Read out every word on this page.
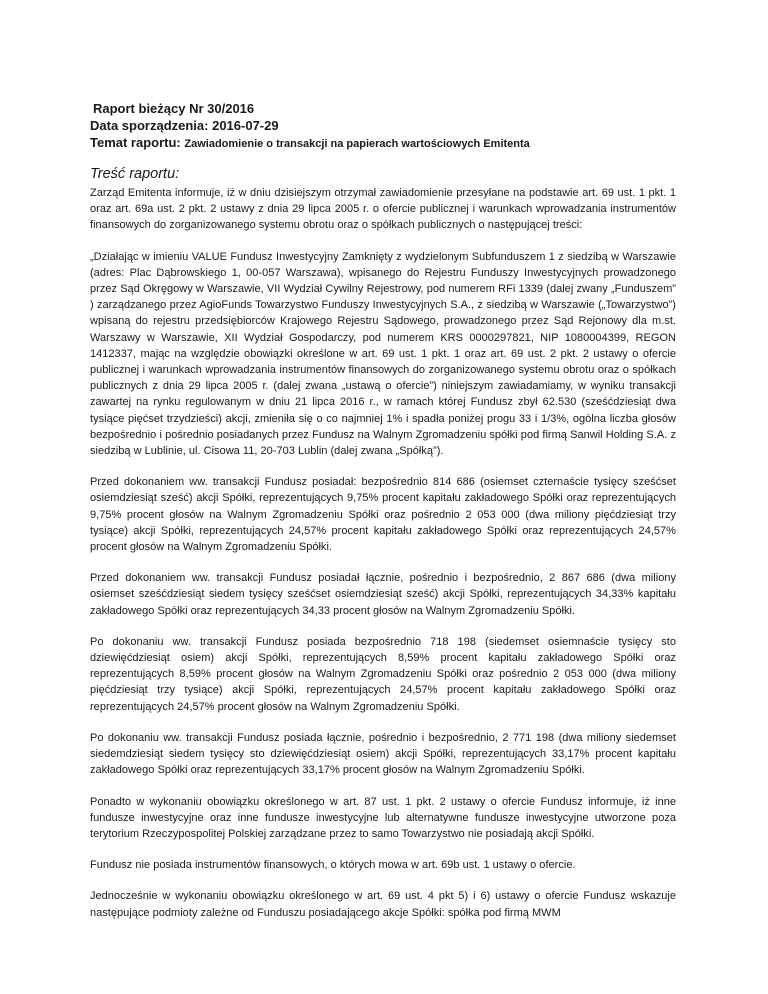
Raport bieżący Nr 30/2016

Data sporządzenia: 2016-07-29

Temat raportu: Zawiadomienie o transakcji na papierach wartościowych Emitenta

Treść raportu:

Zarząd Emitenta informuje, iż w dniu dzisiejszym otrzymał zawiadomienie przesyłane na podstawie art. 69 ust. 1 pkt. 1 oraz art. 69a ust. 2 pkt. 2 ustawy z dnia 29 lipca 2005 r. o ofercie publicznej i warunkach wprowadzania instrumentów finansowych do zorganizowanego systemu obrotu oraz o spółkach publicznych o następującej treści:

„Działając w imieniu VALUE Fundusz Inwestycyjny Zamknięty z wydzielonym Subfunduszem 1 z siedzibą w Warszawie (adres: Plac Dąbrowskiego 1, 00-057 Warszawa), wpisanego do Rejestru Funduszy Inwestycyjnych prowadzonego przez Sąd Okręgowy w Warszawie, VII Wydział Cywilny Rejestrowy, pod numerem RFi 1339 (dalej zwany „Funduszem” ) zarządzanego przez AgioFunds Towarzystwo Funduszy Inwestycyjnych S.A., z siedzibą w Warszawie („Towarzystwo”) wpisaną do rejestru przedsiębiorców Krajowego Rejestru Sądowego, prowadzonego przez Sąd Rejonowy dla m.st. Warszawy w Warszawie, XII Wydział Gospodarczy, pod numerem KRS 0000297821, NIP 1080004399, REGON 1412337, mając na względzie obowiązki określone w art. 69 ust. 1 pkt. 1 oraz art. 69 ust. 2 pkt. 2 ustawy o ofercie publicznej i warunkach wprowadzania instrumentów finansowych do zorganizowanego systemu obrotu oraz o spółkach publicznych z dnia 29 lipca 2005 r. (dalej zwana „ustawą o ofercie”) niniejszym zawiadamiamy, w wyniku transakcji zawartej na rynku regulowanym w dniu 21 lipca 2016 r., w ramach której Fundusz zbył 62.530 (sześćdziesiąt dwa tysiące pięćset trzydzieści) akcji, zmieniła się o co najmniej 1% i spadła poniżej progu 33 i 1/3%, ogólna liczba głosów bezpośrednio i pośrednio posiadanych przez Fundusz na Walnym Zgromadzeniu spółki pod firmą Sanwil Holding S.A. z siedzibą w Lublinie, ul. Cisowa 11, 20-703 Lublin (dalej zwana „Spółką”).

Przed dokonaniem ww. transakcji Fundusz posiadał: bezpośrednio 814 686 (osiemset czternaście tysięcy sześćset osiemdziesiąt sześć) akcji Spółki, reprezentujących 9,75% procent kapitału zakładowego Spółki oraz reprezentujących 9,75% procent głosów na Walnym Zgromadzeniu Spółki oraz pośrednio 2 053 000 (dwa miliony pięćdziesiąt trzy tysiące) akcji Spółki, reprezentujących 24,57% procent kapitału zakładowego Spółki oraz reprezentujących 24,57% procent głosów na Walnym Zgromadzeniu Spółki.

Przed dokonaniem ww. transakcji Fundusz posiadał łącznie, pośrednio i bezpośrednio, 2 867 686 (dwa miliony osiemset sześćdziesiąt siedem tysięcy sześćset osiemdziesiąt sześć) akcji Spółki, reprezentujących 34,33% kapitału zakładowego Spółki oraz reprezentujących 34,33 procent głosów na Walnym Zgromadzeniu Spółki.

Po dokonaniu ww. transakcji Fundusz posiada bezpośrednio 718 198 (siedemset osiemnaście tysięcy sto dziewięćdziesiąt osiem) akcji Spółki, reprezentujących 8,59% procent kapitału zakładowego Spółki oraz reprezentujących 8,59% procent głosów na Walnym Zgromadzeniu Spółki oraz pośrednio 2 053 000 (dwa miliony pięćdziesiąt trzy tysiące) akcji Spółki, reprezentujących 24,57% procent kapitału zakładowego Spółki oraz reprezentujących 24,57% procent głosów na Walnym Zgromadzeniu Spółki.

Po dokonaniu ww. transakcji Fundusz posiada łącznie, pośrednio i bezpośrednio, 2 771 198 (dwa miliony siedemset siedemdziesiąt siedem tysięcy sto dziewięćdziesiąt osiem) akcji Spółki, reprezentujących 33,17% procent kapitału zakładowego Spółki oraz reprezentujących 33,17% procent głosów na Walnym Zgromadzeniu Spółki.

Ponadto w wykonaniu obowiązku określonego w art. 87 ust. 1 pkt. 2 ustawy o ofercie Fundusz informuje, iż inne fundusze inwestycyjne oraz inne fundusze inwestycyjne lub alternatywne fundusze inwestycyjne utworzone poza terytorium Rzeczypospolitej Polskiej zarządzane przez to samo Towarzystwo nie posiadają akcji Spółki.

Fundusz nie posiada instrumentów finansowych, o których mowa w art. 69b ust. 1 ustawy o ofercie.

Jednocześnie w wykonaniu obowiązku określonego w art. 69 ust. 4 pkt 5) i 6) ustawy o ofercie Fundusz wskazuje następujące podmioty zależne od Funduszu posiadającego akcje Spółki: spółka pod firmą MWM
